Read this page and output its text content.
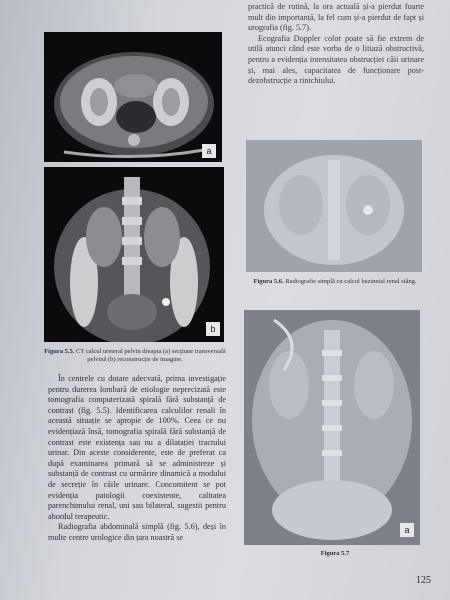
practică de rutină, la ora actuală și-a pierdut foarte mult din importanță, la fel cum și-a pierdut de fapt și urografia (fig. 5.7).

Ecografia Doppler color poate să fie extrem de utilă atunci când este vorba de o litiază obstructivă, pentru a evidenția intensitatea obstrucției căii urinare și, mai ales, capacitatea de funcționare post-dezobstrucție a rinichiului.

a
b
Figura 5.5. CT calcul ureteral pelvin dreapta (a) secțiune transversală pelvină (b) reconstrucție de imagine.

În centrele cu dotare adecvată, prima investigație pentru durerea lombară de etiologie neprecizată este tomografia computerizată spirală fără substanță de contrast (fig. 5.5). Identificarea calculilor renali în această situație se apropie de 100%. Ceea ce nu evidențiază însă, tomografia spirală fără substanță de contrast este existența sau nu a dilatației tractului urinar. Din aceste considerente, este de preferat ca după examinarea primară să se administreze și substanță de contrast cu urmărire dinamică a modului de secreție în căile urinare. Concomitent se pot evidenția patologii coexistente, calitatea parenchimului renal, uni sau bilateral, sugestii pentru abordul terapeutic.

Radiografia abdominală simplă (fig. 5.6), deși în multe centre urologice din țara noastră se

Figura 5.6. Radiografie simplă cu calcul bazinetal renal stâng.
a
Figura 5.7
125
